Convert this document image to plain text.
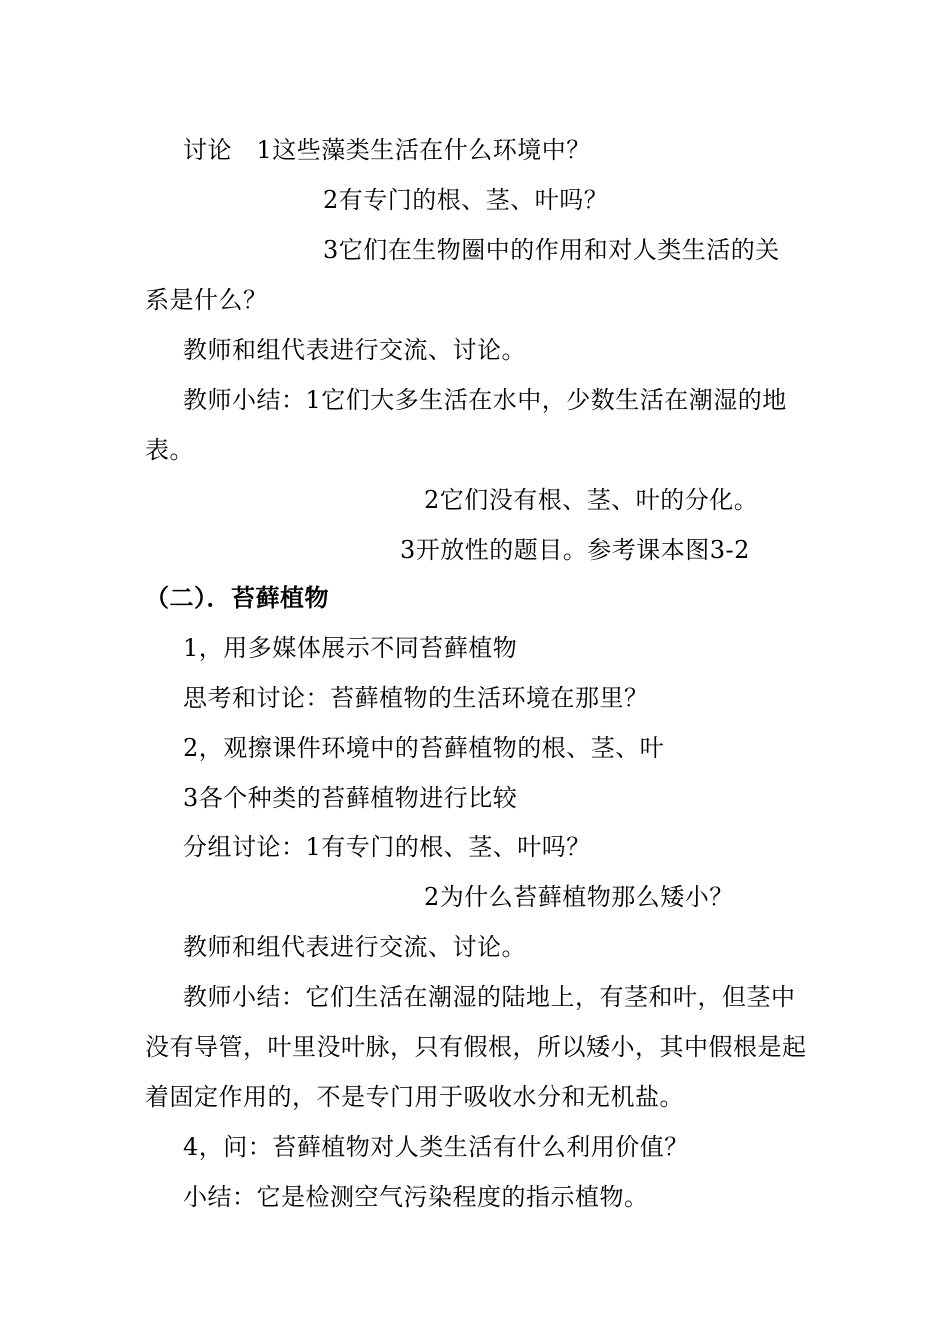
讨论　1这些藻类生活在什么环境中？
2有专门的根、茎、叶吗？
3它们在生物圈中的作用和对人类生活的关
系是什么？
教师和组代表进行交流、讨论。
教师小结：1它们大多生活在水中，少数生活在潮湿的地
表。
2它们没有根、茎、叶的分化。
3开放性的题目。参考课本图3-2
（二）．苔藓植物
1，用多媒体展示不同苔藓植物
思考和讨论：苔藓植物的生活环境在那里？
2，观擦课件环境中的苔藓植物的根、茎、叶
3各个种类的苔藓植物进行比较
分组讨论：1有专门的根、茎、叶吗？
2为什么苔藓植物那么矮小？
教师和组代表进行交流、讨论。
教师小结：它们生活在潮湿的陆地上，有茎和叶，但茎中
没有导管，叶里没叶脉，只有假根，所以矮小，其中假根是起
着固定作用的，不是专门用于吸收水分和无机盐。
4，问：苔藓植物对人类生活有什么利用价值？
小结：它是检测空气污染程度的指示植物。
